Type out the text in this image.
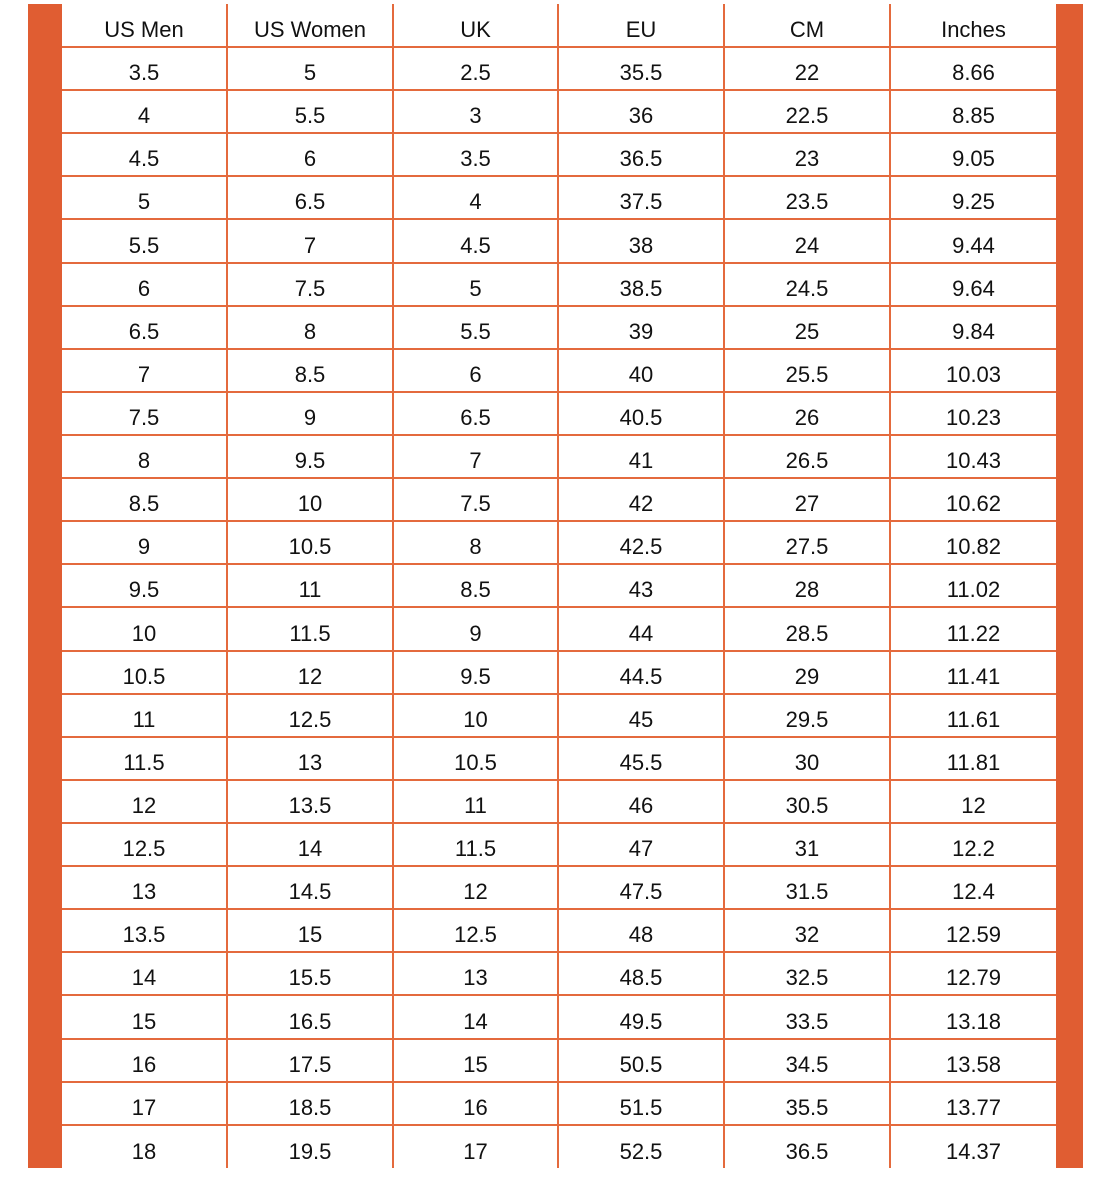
US Men	US Women	UK	EU	CM	Inches
3.5	5	2.5	35.5	22	8.66
4	5.5	3	36	22.5	8.85
4.5	6	3.5	36.5	23	9.05
5	6.5	4	37.5	23.5	9.25
5.5	7	4.5	38	24	9.44
6	7.5	5	38.5	24.5	9.64
6.5	8	5.5	39	25	9.84
7	8.5	6	40	25.5	10.03
7.5	9	6.5	40.5	26	10.23
8	9.5	7	41	26.5	10.43
8.5	10	7.5	42	27	10.62
9	10.5	8	42.5	27.5	10.82
9.5	11	8.5	43	28	11.02
10	11.5	9	44	28.5	11.22
10.5	12	9.5	44.5	29	11.41
11	12.5	10	45	29.5	11.61
11.5	13	10.5	45.5	30	11.81
12	13.5	11	46	30.5	12
12.5	14	11.5	47	31	12.2
13	14.5	12	47.5	31.5	12.4
13.5	15	12.5	48	32	12.59
14	15.5	13	48.5	32.5	12.79
15	16.5	14	49.5	33.5	13.18
16	17.5	15	50.5	34.5	13.58
17	18.5	16	51.5	35.5	13.77
18	19.5	17	52.5	36.5	14.37
